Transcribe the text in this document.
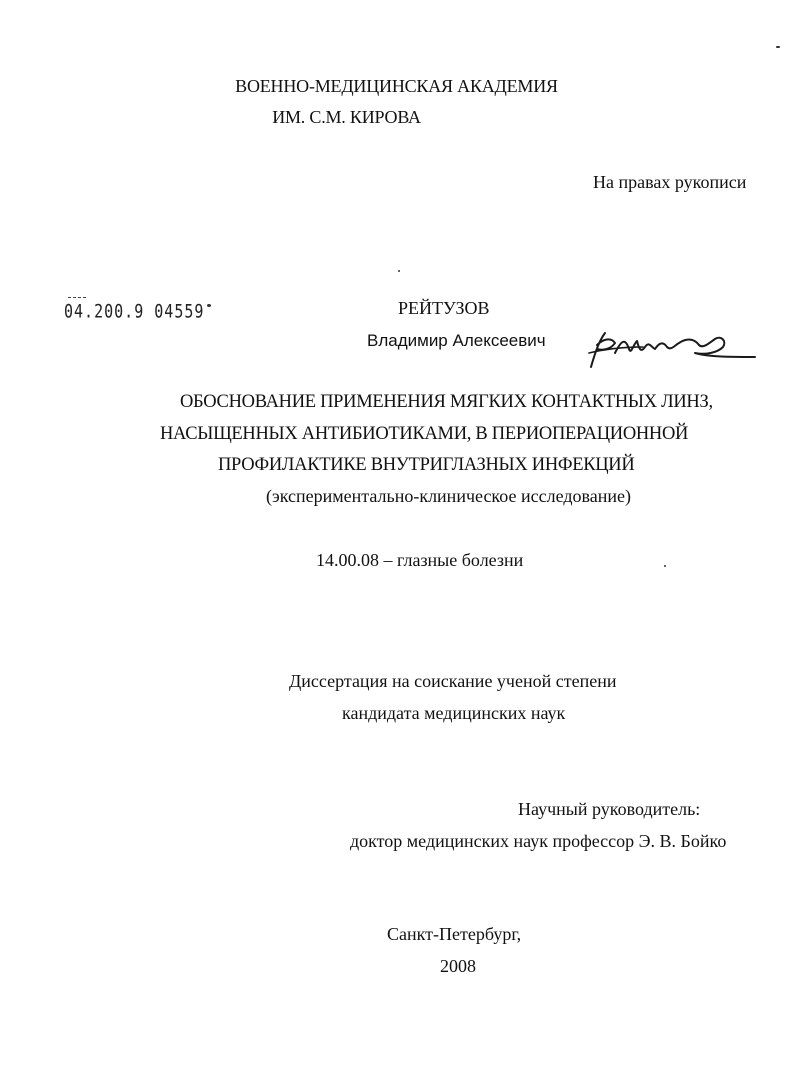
ВОЕННО-МЕДИЦИНСКАЯ АКАДЕМИЯ
ИМ. С.М. КИРОВА
На правах рукописи
04.200.9 04559	РЕЙТУЗОВ
Владимир Алексеевич
ОБОСНОВАНИЕ ПРИМЕНЕНИЯ МЯГКИХ КОНТАКТНЫХ ЛИНЗ,
НАСЫЩЕННЫХ АНТИБИОТИКАМИ, В ПЕРИОПЕРАЦИОННОЙ
ПРОФИЛАКТИКЕ ВНУТРИГЛАЗНЫХ ИНФЕКЦИЙ
(экспериментально-клиническое исследование)
14.00.08 – глазные болезни
Диссертация на соискание ученой степени
кандидата медицинских наук
Научный руководитель:
доктор медицинских наук профессор Э. В. Бойко
Санкт-Петербург,
2008
